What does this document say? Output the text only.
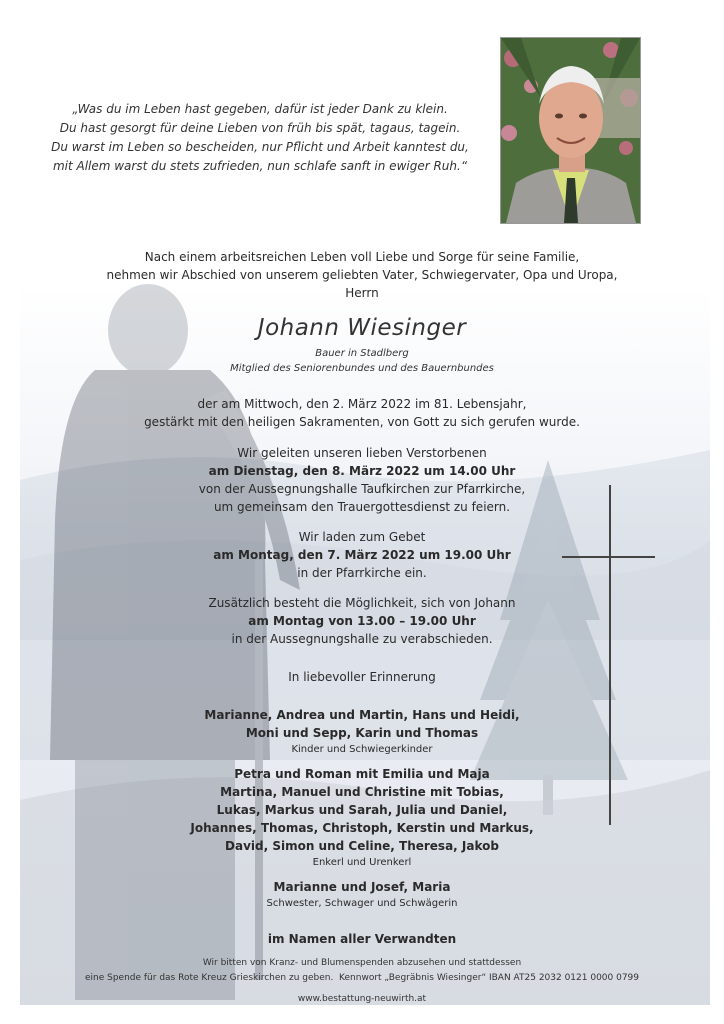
„Was du im Leben hast gegeben, dafür ist jeder Dank zu klein.
Du hast gesorgt für deine Lieben von früh bis spät, tagaus, tagein.
Du warst im Leben so bescheiden, nur Pflicht und Arbeit kanntest du,
mit Allem warst du stets zufrieden, nun schlafe sanft in ewiger Ruh.“
Nach einem arbeitsreichen Leben voll Liebe und Sorge für seine Familie,
nehmen wir Abschied von unserem geliebten Vater, Schwiegervater, Opa und Uropa,
Herrn
Johann Wiesinger
Bauer in Stadlberg
Mitglied des Seniorenbundes und des Bauernbundes
der am Mittwoch, den 2. März 2022 im 81. Lebensjahr,
gestärkt mit den heiligen Sakramenten, von Gott zu sich gerufen wurde.
Wir geleiten unseren lieben Verstorbenen
am Dienstag, den 8. März 2022 um 14.00 Uhr
von der Aussegnungshalle Taufkirchen zur Pfarrkirche,
um gemeinsam den Trauergottesdienst zu feiern.
Wir laden zum Gebet
am Montag, den 7. März 2022 um 19.00 Uhr
in der Pfarrkirche ein.
Zusätzlich besteht die Möglichkeit, sich von Johann
am Montag von 13.00 – 19.00 Uhr
in der Aussegnungshalle zu verabschieden.
In liebevoller Erinnerung
Marianne, Andrea und Martin, Hans und Heidi,
Moni und Sepp, Karin und Thomas
Kinder und Schwiegerkinder
Petra und Roman mit Emilia und Maja
Martina, Manuel und Christine mit Tobias,
Lukas, Markus und Sarah, Julia und Daniel,
Johannes, Thomas, Christoph, Kerstin und Markus,
David, Simon und Celine, Theresa, Jakob
Enkerl und Urenkerl
Marianne und Josef, Maria
Schwester, Schwager und Schwägerin
im Namen aller Verwandten
Wir bitten von Kranz- und Blumenspenden abzusehen und stattdessen
eine Spende für das Rote Kreuz Grieskirchen zu geben.  Kennwort „Begräbnis Wiesinger“ IBAN AT25 2032 0121 0000 0799
www.bestattung-neuwirth.at
